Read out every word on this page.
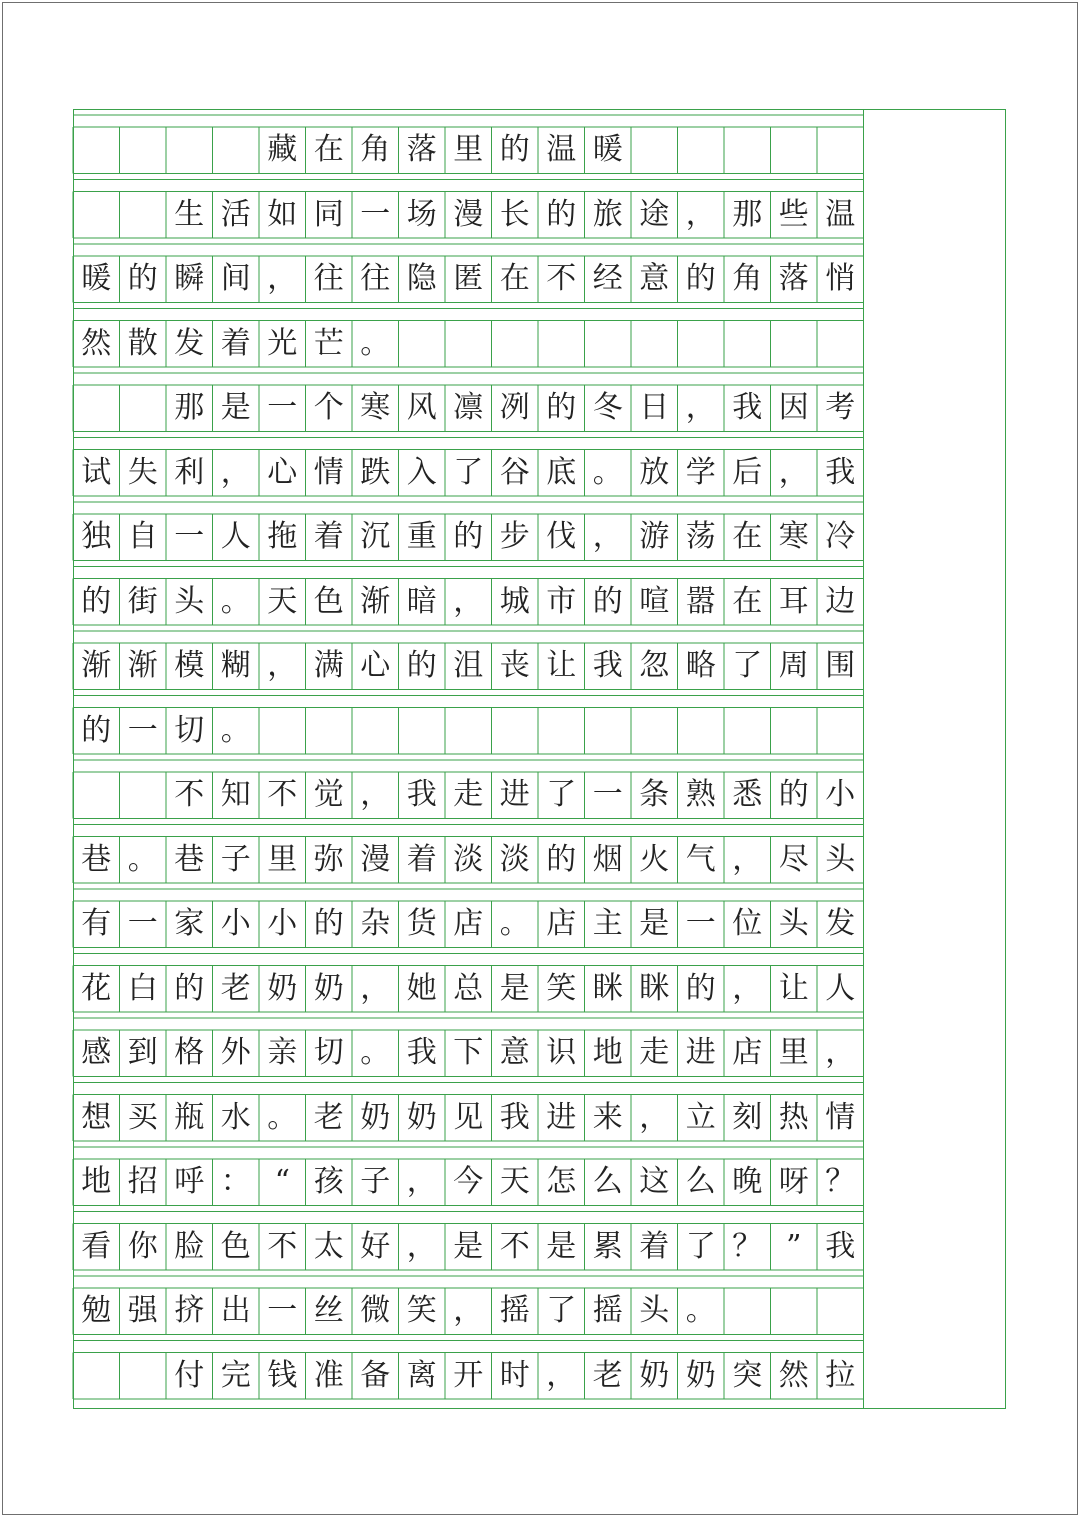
藏 在 角 落 里 的 温 暖
生 活 如 同 一 场 漫 长 的 旅 途 ， 那 些 温
暖 的 瞬 间 ， 往 往 隐 匿 在 不 经 意 的 角 落 悄
然 散 发 着 光 芒 。
那 是 一 个 寒 风 凛 冽 的 冬 日 ， 我 因 考
试 失 利 ， 心 情 跌 入 了 谷 底 。 放 学 后 ， 我
独 自 一 人 拖 着 沉 重 的 步 伐 ， 游 荡 在 寒 冷
的 街 头 。 天 色 渐 暗 ， 城 市 的 喧 嚣 在 耳 边
渐 渐 模 糊 ， 满 心 的 沮 丧 让 我 忽 略 了 周 围
的 一 切 。
不 知 不 觉 ， 我 走 进 了 一 条 熟 悉 的 小
巷 。 巷 子 里 弥 漫 着 淡 淡 的 烟 火 气 ， 尽 头
有 一 家 小 小 的 杂 货 店 。 店 主 是 一 位 头 发
花 白 的 老 奶 奶 ， 她 总 是 笑 眯 眯 的 ， 让 人
感 到 格 外 亲 切 。 我 下 意 识 地 走 进 店 里 ，
想 买 瓶 水 。 老 奶 奶 见 我 进 来 ， 立 刻 热 情
地 招 呼 ： “ 孩 子 ， 今 天 怎 么 这 么 晚 呀 ？
看 你 脸 色 不 太 好 ， 是 不 是 累 着 了 ？ ” 我
勉 强 挤 出 一 丝 微 笑 ， 摇 了 摇 头 。
付 完 钱 准 备 离 开 时 ， 老 奶 奶 突 然 拉
